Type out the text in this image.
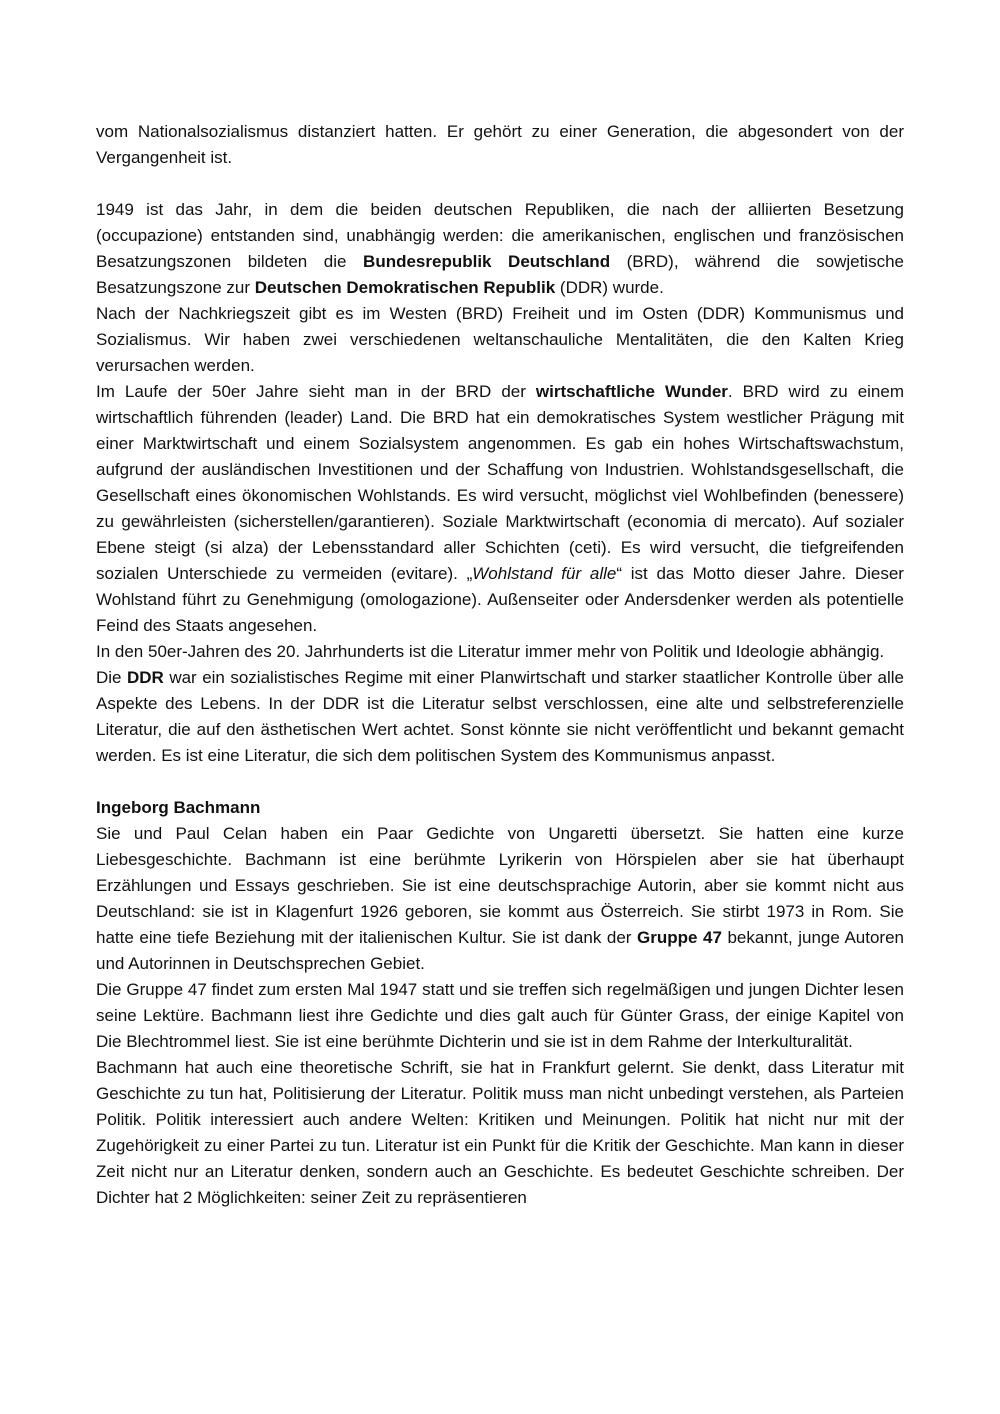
vom Nationalsozialismus distanziert hatten. Er gehört zu einer Generation, die abgesondert von der Vergangenheit ist.

1949 ist das Jahr, in dem die beiden deutschen Republiken, die nach der alliierten Besetzung (occupazione) entstanden sind, unabhängig werden: die amerikanischen, englischen und französischen Besatzungszonen bildeten die Bundesrepublik Deutschland (BRD), während die sowjetische Besatzungszone zur Deutschen Demokratischen Republik (DDR) wurde.

Nach der Nachkriegszeit gibt es im Westen (BRD) Freiheit und im Osten (DDR) Kommunismus und Sozialismus. Wir haben zwei verschiedenen weltanschauliche Mentalitäten, die den Kalten Krieg verursachen werden.

Im Laufe der 50er Jahre sieht man in der BRD der wirtschaftliche Wunder. BRD wird zu einem wirtschaftlich führenden (leader) Land. Die BRD hat ein demokratisches System westlicher Prägung mit einer Marktwirtschaft und einem Sozialsystem angenommen. Es gab ein hohes Wirtschaftswachstum, aufgrund der ausländischen Investitionen und der Schaffung von Industrien. Wohlstandsgesellschaft, die Gesellschaft eines ökonomischen Wohlstands. Es wird versucht, möglichst viel Wohlbefinden (benessere) zu gewährleisten (sicherstellen/garantieren). Soziale Marktwirtschaft (economia di mercato). Auf sozialer Ebene steigt (si alza) der Lebensstandard aller Schichten (ceti). Es wird versucht, die tiefgreifenden sozialen Unterschiede zu vermeiden (evitare). „Wohlstand für alle“ ist das Motto dieser Jahre. Dieser Wohlstand führt zu Genehmigung (omologazione). Außenseiter oder Andersdenker werden als potentielle Feind des Staats angesehen.

In den 50er-Jahren des 20. Jahrhunderts ist die Literatur immer mehr von Politik und Ideologie abhängig.

Die DDR war ein sozialistisches Regime mit einer Planwirtschaft und starker staatlicher Kontrolle über alle Aspekte des Lebens. In der DDR ist die Literatur selbst verschlossen, eine alte und selbstreferenzielle Literatur, die auf den ästhetischen Wert achtet. Sonst könnte sie nicht veröffentlicht und bekannt gemacht werden. Es ist eine Literatur, die sich dem politischen System des Kommunismus anpasst.

Ingeborg Bachmann

Sie und Paul Celan haben ein Paar Gedichte von Ungaretti übersetzt. Sie hatten eine kurze Liebesgeschichte. Bachmann ist eine berühmte Lyrikerin von Hörspielen aber sie hat überhaupt Erzählungen und Essays geschrieben. Sie ist eine deutschsprachige Autorin, aber sie kommt nicht aus Deutschland: sie ist in Klagenfurt 1926 geboren, sie kommt aus Österreich. Sie stirbt 1973 in Rom. Sie hatte eine tiefe Beziehung mit der italienischen Kultur. Sie ist dank der Gruppe 47 bekannt, junge Autoren und Autorinnen in Deutschsprechen Gebiet.

Die Gruppe 47 findet zum ersten Mal 1947 statt und sie treffen sich regelmäßigen und jungen Dichter lesen seine Lektüre. Bachmann liest ihre Gedichte und dies galt auch für Günter Grass, der einige Kapitel von Die Blechtrommel liest. Sie ist eine berühmte Dichterin und sie ist in dem Rahme der Interkulturalität.

Bachmann hat auch eine theoretische Schrift, sie hat in Frankfurt gelernt. Sie denkt, dass Literatur mit Geschichte zu tun hat, Politisierung der Literatur. Politik muss man nicht unbedingt verstehen, als Parteien Politik. Politik interessiert auch andere Welten: Kritiken und Meinungen. Politik hat nicht nur mit der Zugehörigkeit zu einer Partei zu tun. Literatur ist ein Punkt für die Kritik der Geschichte. Man kann in dieser Zeit nicht nur an Literatur denken, sondern auch an Geschichte. Es bedeutet Geschichte schreiben. Der Dichter hat 2 Möglichkeiten: seiner Zeit zu repräsentieren
